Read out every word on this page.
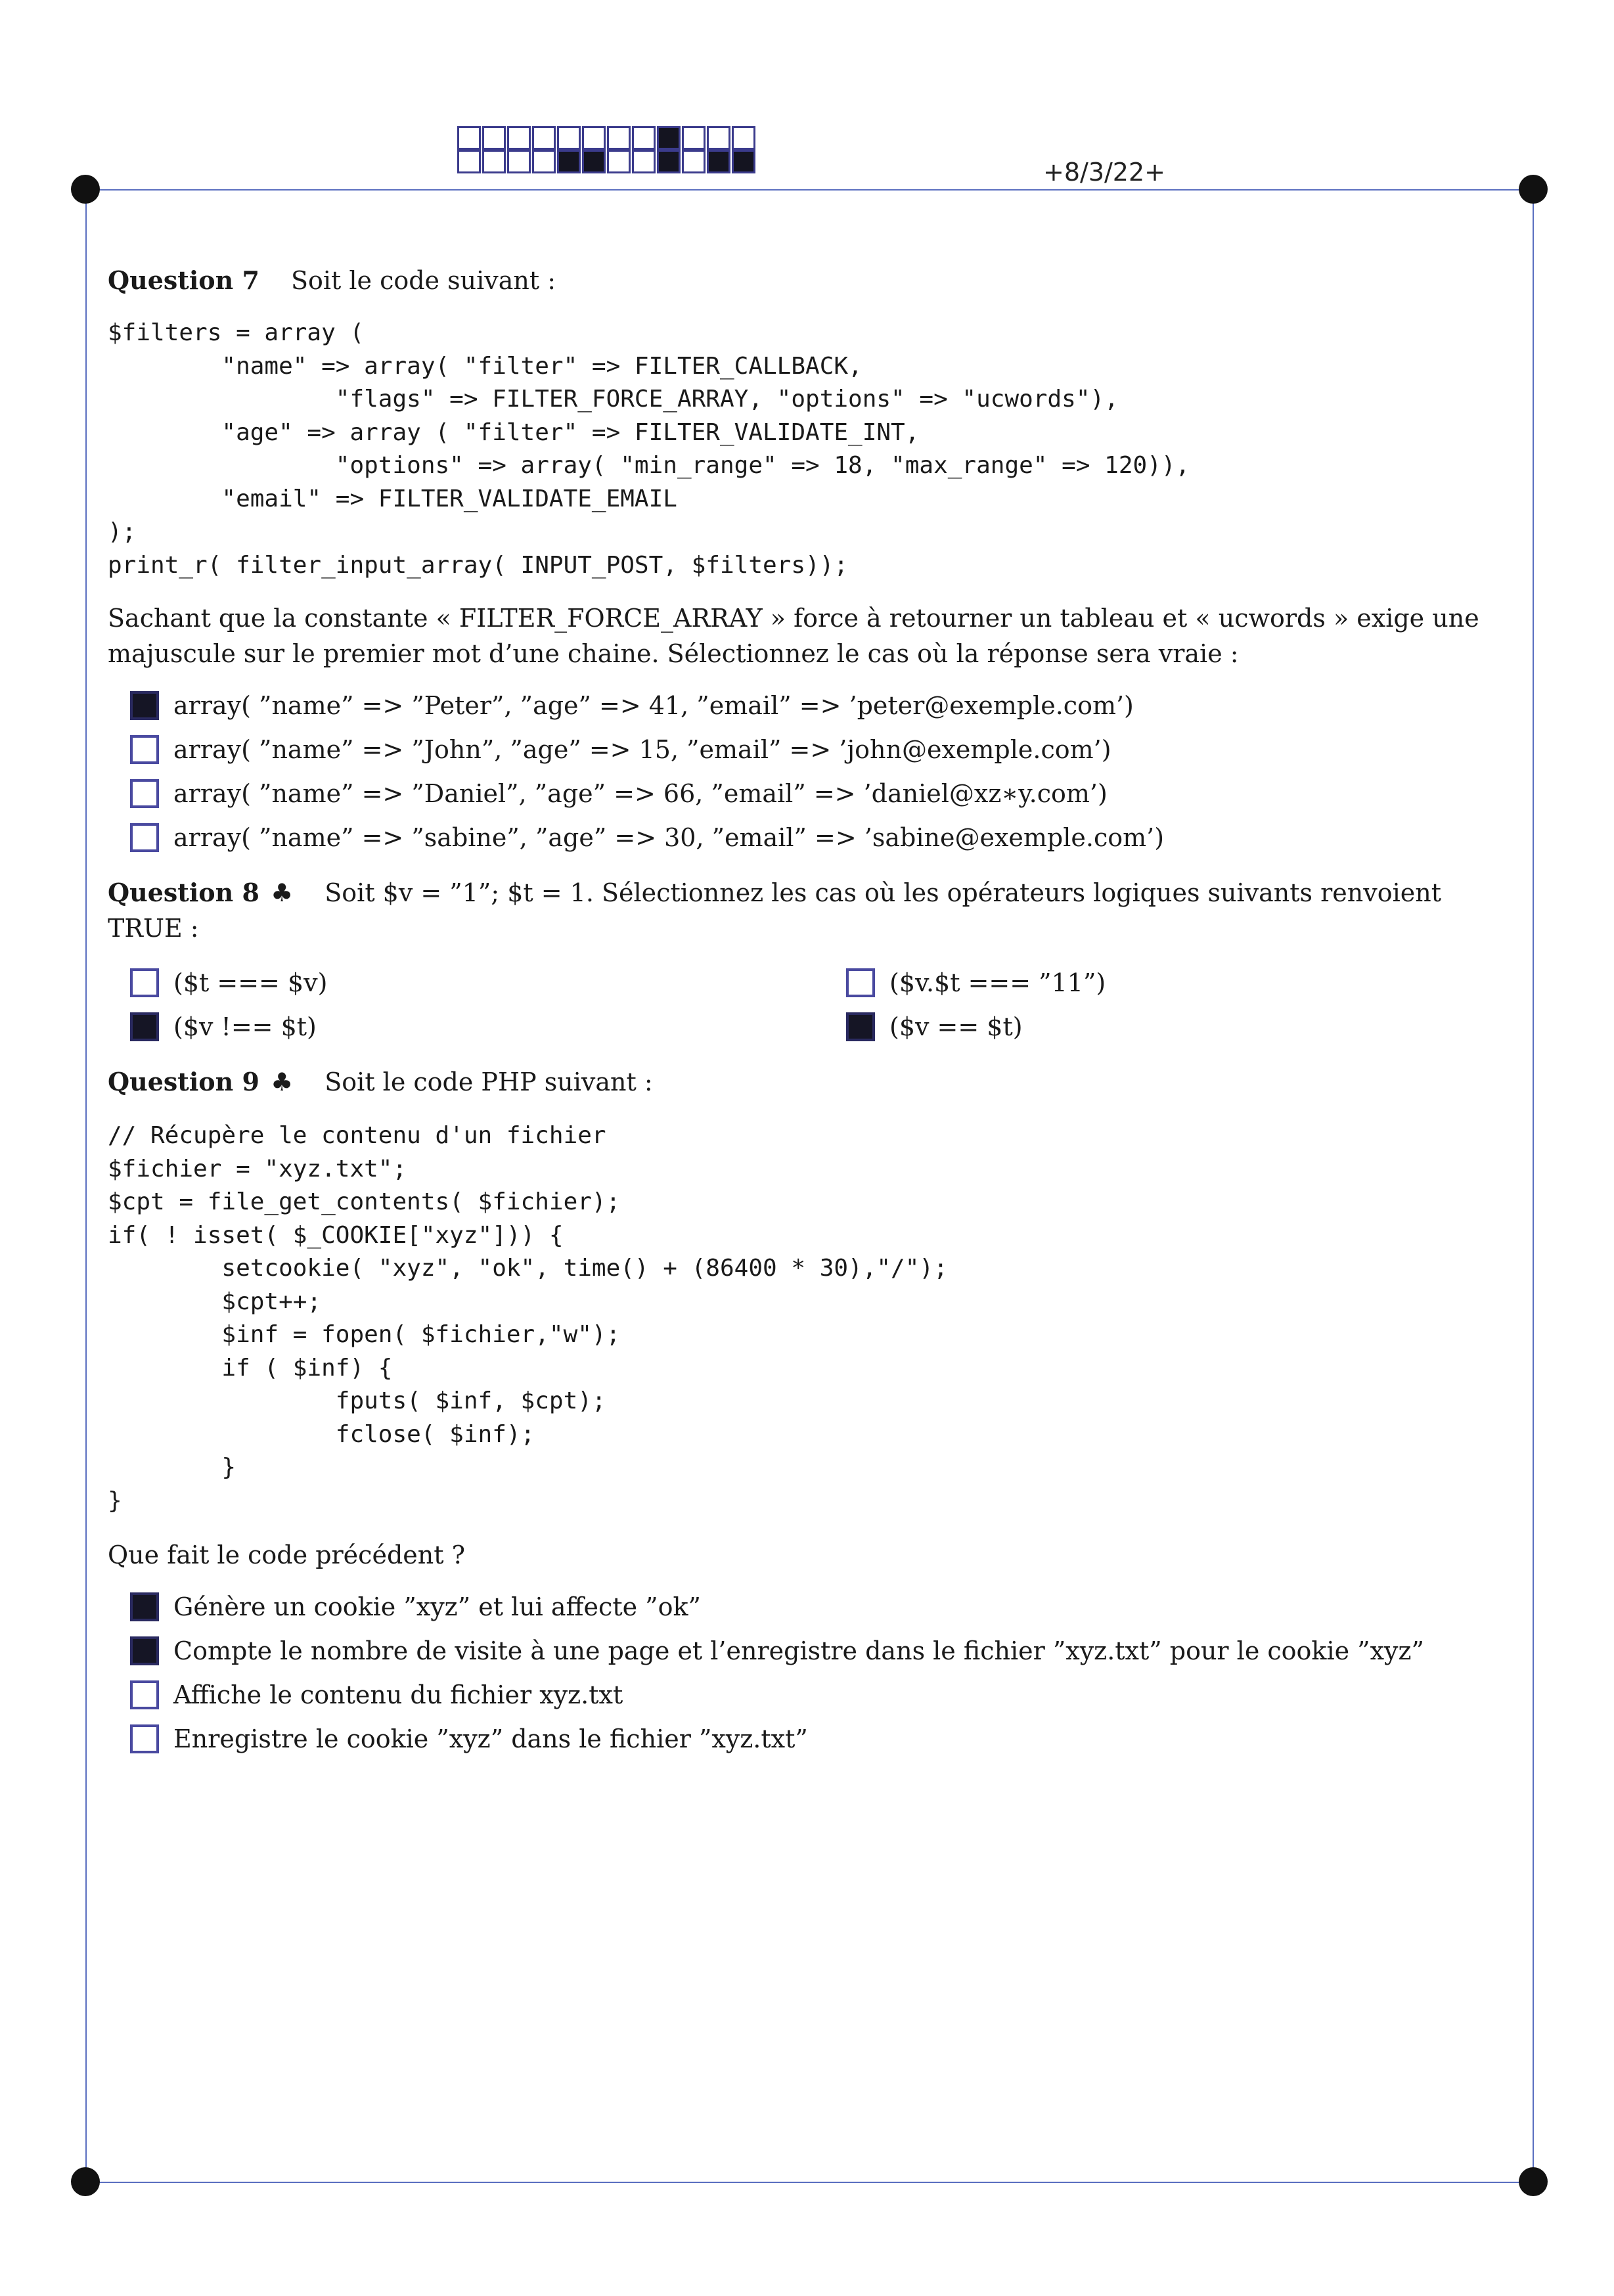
+8/3/22+

Question 7 Soit le code suivant :

$filters = array (
"name" => array( "filter" => FILTER_CALLBACK,
"flags" => FILTER_FORCE_ARRAY, "options" => "ucwords"),
"age" => array ( "filter" => FILTER_VALIDATE_INT,
"options" => array( "min_range" => 18, "max_range" => 120)),
"email" => FILTER_VALIDATE_EMAIL
);
print_r( filter_input_array( INPUT_POST, $filters));

Sachant que la constante « FILTER_FORCE_ARRAY » force à retourner un tableau et « ucwords » exige une majuscule sur le premier mot d’une chaine. Sélectionnez le cas où la réponse sera vraie :

array( ”name” => ”Peter”, ”age” => 41, ”email” => ’peter@exemple.com’)
array( ”name” => ”John”, ”age” => 15, ”email” => ’john@exemple.com’)
array( ”name” => ”Daniel”, ”age” => 66, ”email” => ’daniel@xz∗y.com’)
array( ”name” => ”sabine”, ”age” => 30, ”email” => ’sabine@exemple.com’)

Question 8 ♣ Soit $v = ”1”; $t = 1. Sélectionnez les cas où les opérateurs logiques suivants renvoient TRUE :

($t === $v)	($v.$t === ”11”)
($v !== $t)	($v == $t)

Question 9 ♣ Soit le code PHP suivant :

// Récupère le contenu d'un fichier
$fichier = "xyz.txt";
$cpt = file_get_contents( $fichier);
if( ! isset( $_COOKIE["xyz"])) {
setcookie( "xyz", "ok", time() + (86400 * 30),"/");
$cpt++;
$inf = fopen( $fichier,"w");
if ( $inf) {
fputs( $inf, $cpt);
fclose( $inf);
}
}

Que fait le code précédent ?

Génère un cookie ”xyz” et lui affecte ”ok”
Compte le nombre de visite à une page et l’enregistre dans le fichier ”xyz.txt” pour le cookie ”xyz”
Affiche le contenu du fichier xyz.txt
Enregistre le cookie ”xyz” dans le fichier ”xyz.txt”
